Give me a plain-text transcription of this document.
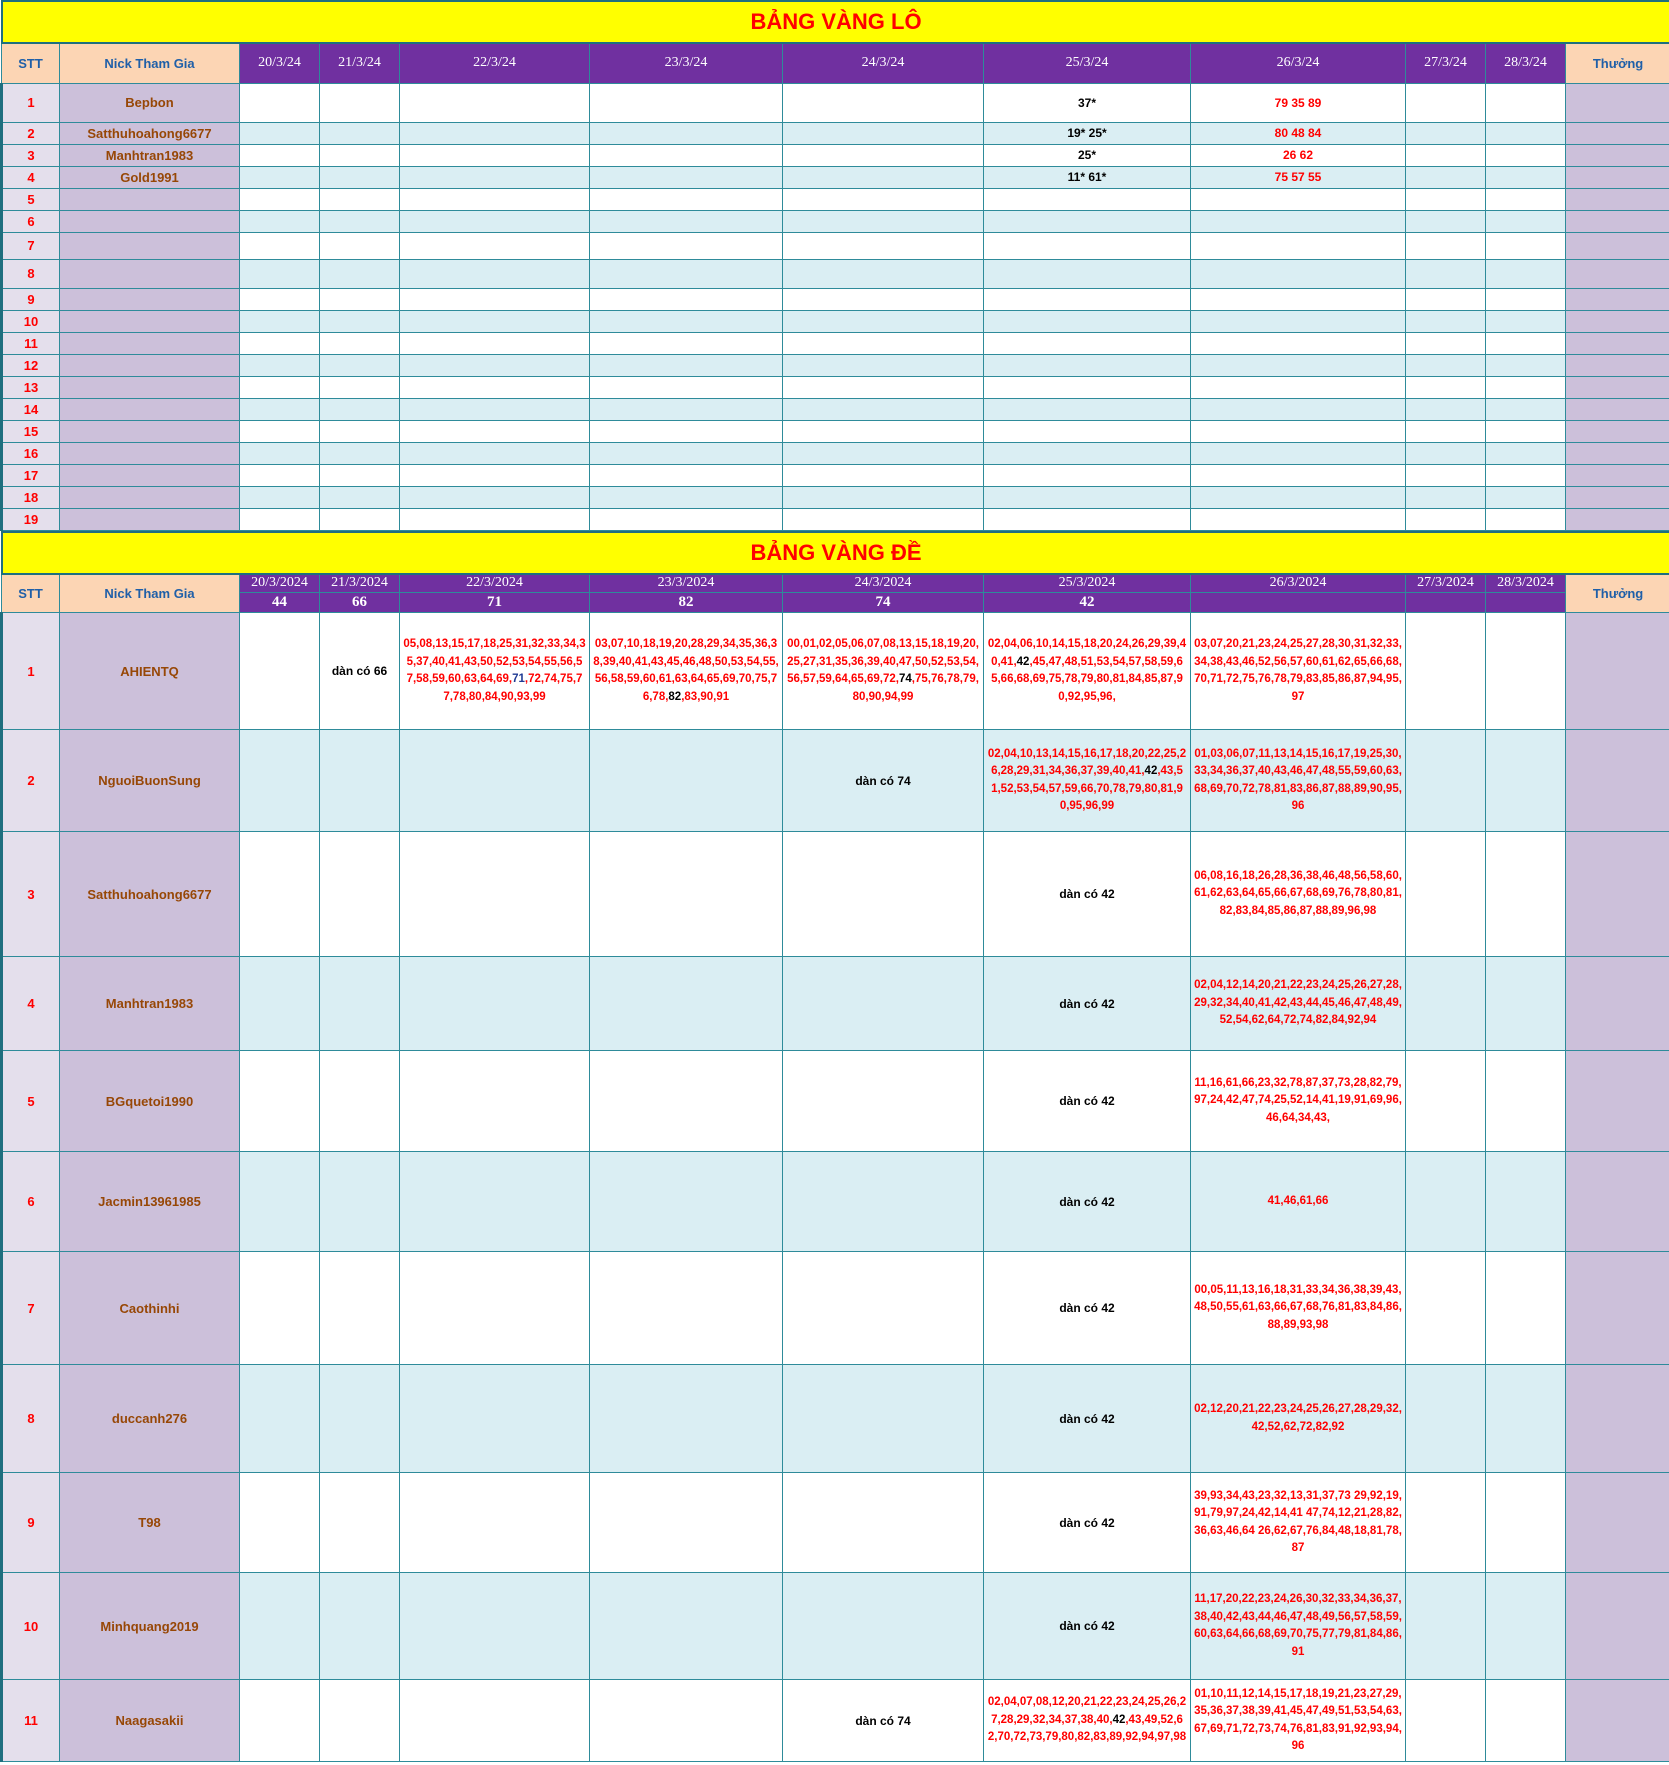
BẢNG VÀNG LÔ											
STT	Nick Tham Gia	20/3/24	21/3/24	22/3/24	23/3/24	24/3/24	25/3/24	26/3/24	27/3/24	28/3/24	Thưởng
1	Bepbon						37*	79 35 89			
2	Satthuhoahong6677						19* 25*	80 48 84			
3	Manhtran1983						25*	26 62			
4	Gold1991						11* 61*	75 57 55			
5											
6											
7											
8											
9											
10											
11											
12											
13											
14											
15											
16											
17											
18											
19											
BẢNG VÀNG ĐỀ											
STT	Nick Tham Gia	20/3/2024	21/3/2024	22/3/2024	23/3/2024	24/3/2024	25/3/2024	26/3/2024	27/3/2024	28/3/2024	Thưởng
		44	66	71	82	74	42				
1	AHIENTQ		dàn có 66	05,08,13,15,17,18,25,31,32,33,34,35,37,40,41,43,50,52,53,54,55,56,57,58,59,60,63,64,69,71,72,74,75,77,78,80,84,90,93,99	03,07,10,18,19,20,28,29,34,35,36,38,39,40,41,43,45,46,48,50,53,54,55,56,58,59,60,61,63,64,65,69,70,75,76,78,82,83,90,91	00,01,02,05,06,07,08,13,15,18,19,20,25,27,31,35,36,39,40,47,50,52,53,54,56,57,59,64,65,69,72,74,75,76,78,79,80,90,94,99	02,04,06,10,14,15,18,20,24,26,29,39,40,41,42,45,47,48,51,53,54,57,58,59,65,66,68,69,75,78,79,80,81,84,85,87,90,92,95,96,	03,07,20,21,23,24,25,27,28,30,31,32,33,34,38,43,46,52,56,57,60,61,62,65,66,68,70,71,72,75,76,78,79,83,85,86,87,94,95,97			
2	NguoiBuonSung					dàn có 74	02,04,10,13,14,15,16,17,18,20,22,25,26,28,29,31,34,36,37,39,40,41,42,43,51,52,53,54,57,59,66,70,78,79,80,81,90,95,96,99	01,03,06,07,11,13,14,15,16,17,19,25,30,33,34,36,37,40,43,46,47,48,55,59,60,63,68,69,70,72,78,81,83,86,87,88,89,90,95,96			
3	Satthuhoahong6677						dàn có 42	06,08,16,18,26,28,36,38,46,48,56,58,60,61,62,63,64,65,66,67,68,69,76,78,80,81,82,83,84,85,86,87,88,89,96,98			
4	Manhtran1983						dàn có 42	02,04,12,14,20,21,22,23,24,25,26,27,28,29,32,34,40,41,42,43,44,45,46,47,48,49,52,54,62,64,72,74,82,84,92,94			
5	BGquetoi1990						dàn có 42	11,16,61,66,23,32,78,87,37,73,28,82,79,97,24,42,47,74,25,52,14,41,19,91,69,96,46,64,34,43,			
6	Jacmin13961985						dàn có 42	41,46,61,66			
7	Caothinhi						dàn có 42	00,05,11,13,16,18,31,33,34,36,38,39,43,48,50,55,61,63,66,67,68,76,81,83,84,86,88,89,93,98			
8	duccanh276						dàn có 42	02,12,20,21,22,23,24,25,26,27,28,29,32,42,52,62,72,82,92			
9	T98						dàn có 42	39,93,34,43,23,32,13,31,37,73 29,92,19,91,79,97,24,42,14,41 47,74,12,21,28,82,36,63,46,64 26,62,67,76,84,48,18,81,78,87			
10	Minhquang2019						dàn có 42	11,17,20,22,23,24,26,30,32,33,34,36,37,38,40,42,43,44,46,47,48,49,56,57,58,59,60,63,64,66,68,69,70,75,77,79,81,84,86,91			
11	Naagasakii					dàn có 74	02,04,07,08,12,20,21,22,23,24,25,26,27,28,29,32,34,37,38,40,42,43,49,52,62,70,72,73,79,80,82,83,89,92,94,97,98	01,10,11,12,14,15,17,18,19,21,23,27,29,35,36,37,38,39,41,45,47,49,51,53,54,63,67,69,71,72,73,74,76,81,83,91,92,93,94,96			
